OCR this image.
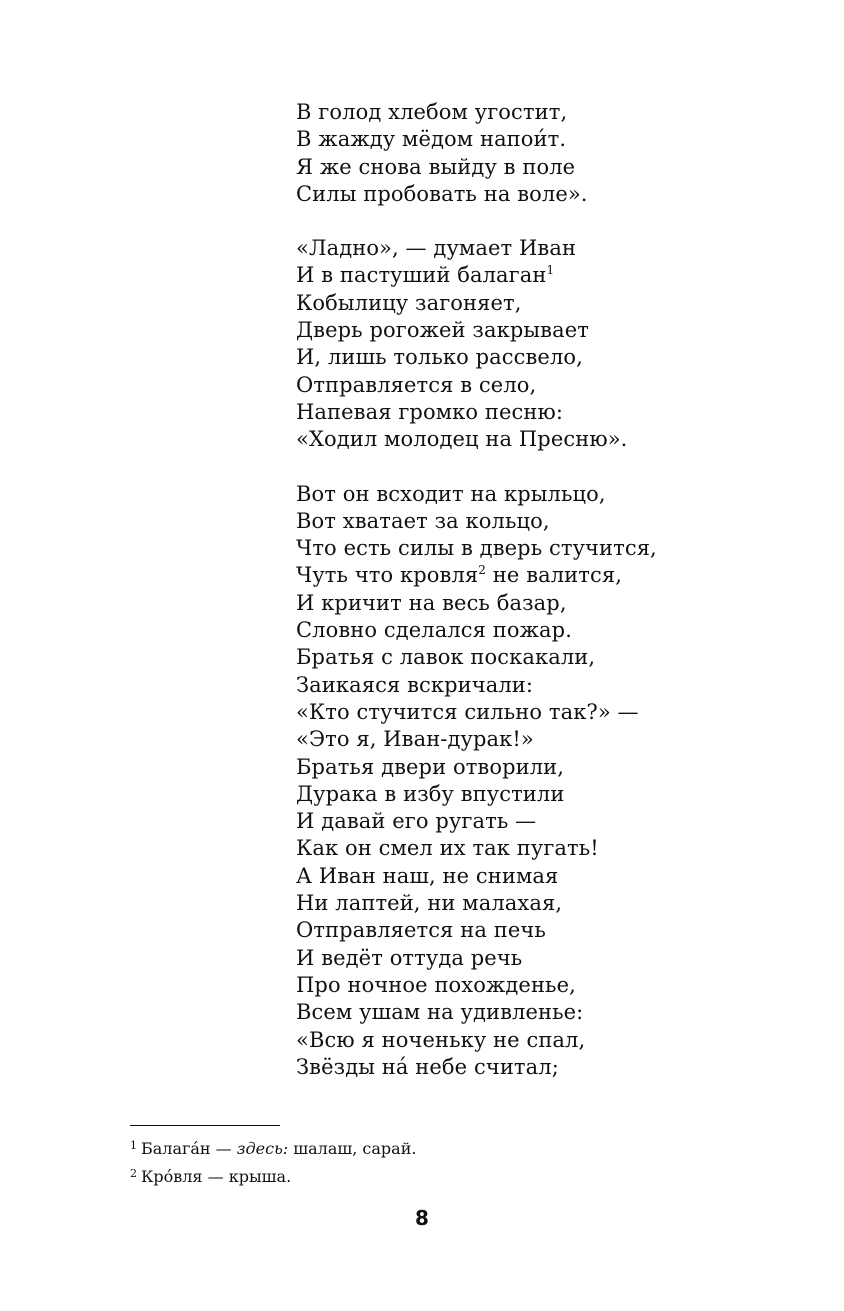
В голод хлебом угостит,
В жажду мёдом напои́т.
Я же снова выйду в поле
Силы пробовать на воле».

«Ладно», — думает Иван
И в пастуший балаган$^1$
Кобылицу загоняет,
Дверь рогожей закрывает
И, лишь только рассвело,
Отправляется в село,
Напевая громко песню:
«Ходил молодец на Пресню».

Вот он всходит на крыльцо,
Вот хватает за кольцо,
Что есть силы в дверь стучится,
Чуть что кровля$^2$ не валится,
И кричит на весь базар,
Словно сделался пожар.
Братья с лавок поскакали,
Заикаяся вскричали:
«Кто стучится сильно так?» —
«Это я, Иван-дурак!»
Братья двери отворили,
Дурака в избу впустили
И давай его ругать —
Как он смел их так пугать!
А Иван наш, не снимая
Ни лаптей, ни малахая,
Отправляется на печь
И ведёт оттуда речь
Про ночное похожденье,
Всем ушам на удивленье:
«Всю я ноченьку не спал,
Звёзды на́ небе считал;

$^1$ Балага́н — здесь: шалаш, сарай.
$^2$ Кро́вля — крыша.
8
